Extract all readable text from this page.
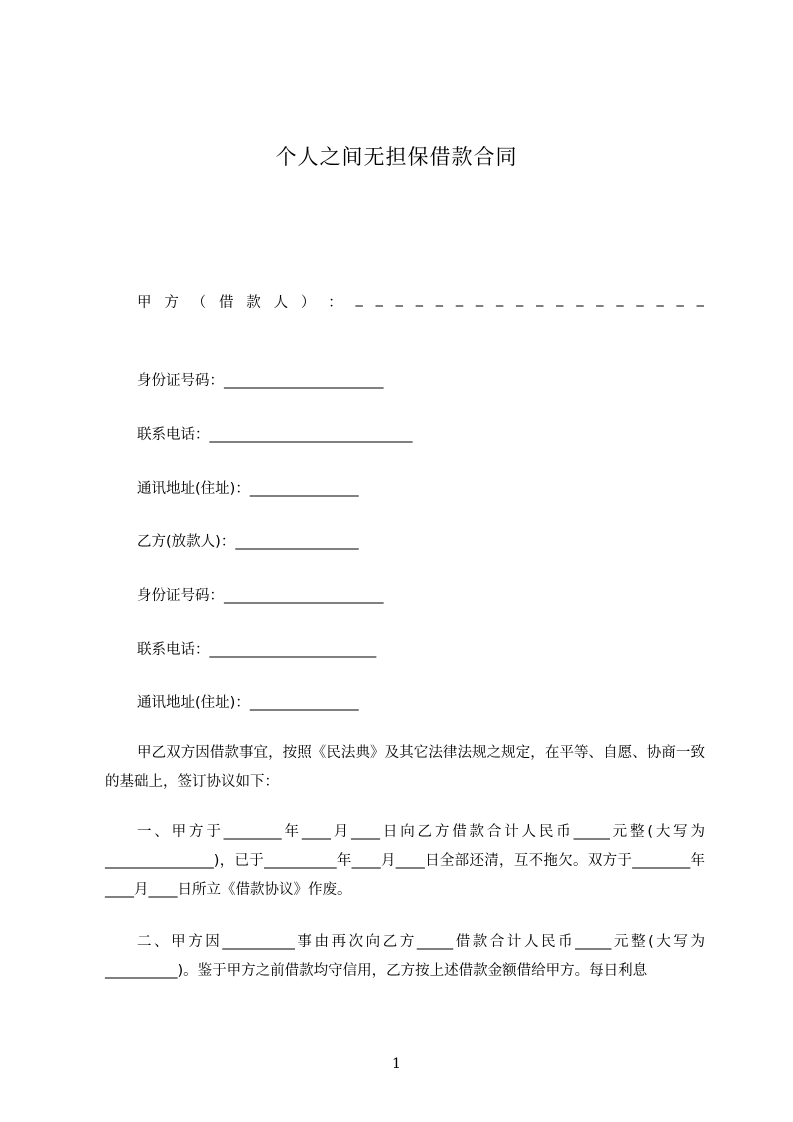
个人之间无担保借款合同
甲 方 （ 借 款 人 ） ： _ _ _ _ _ _ _ _ _ _ _ _ _ _ _ _ _ _
身份证号码：______________________
联系电话：____________________________
通讯地址(住址)：_______________
乙方(放款人)：_________________
身份证号码：______________________
联系电话：_______________________
通讯地址(住址)：_______________
甲乙双方因借款事宜，按照《民法典》及其它法律法规之规定，在平等、自愿、协商一致的基础上，签订协议如下：
一、甲方于________年____月____日向乙方借款合计人民币_____元整(大写为_______________)，已于__________年____月____日全部还清，互不拖欠。双方于________年____月____日所立《借款协议》作废。
二、甲方因__________事由再次向乙方_____借款合计人民币_____元整(大写为__________)。鉴于甲方之前借款均守信用，乙方按上述借款金额借给甲方。每日利息
1
